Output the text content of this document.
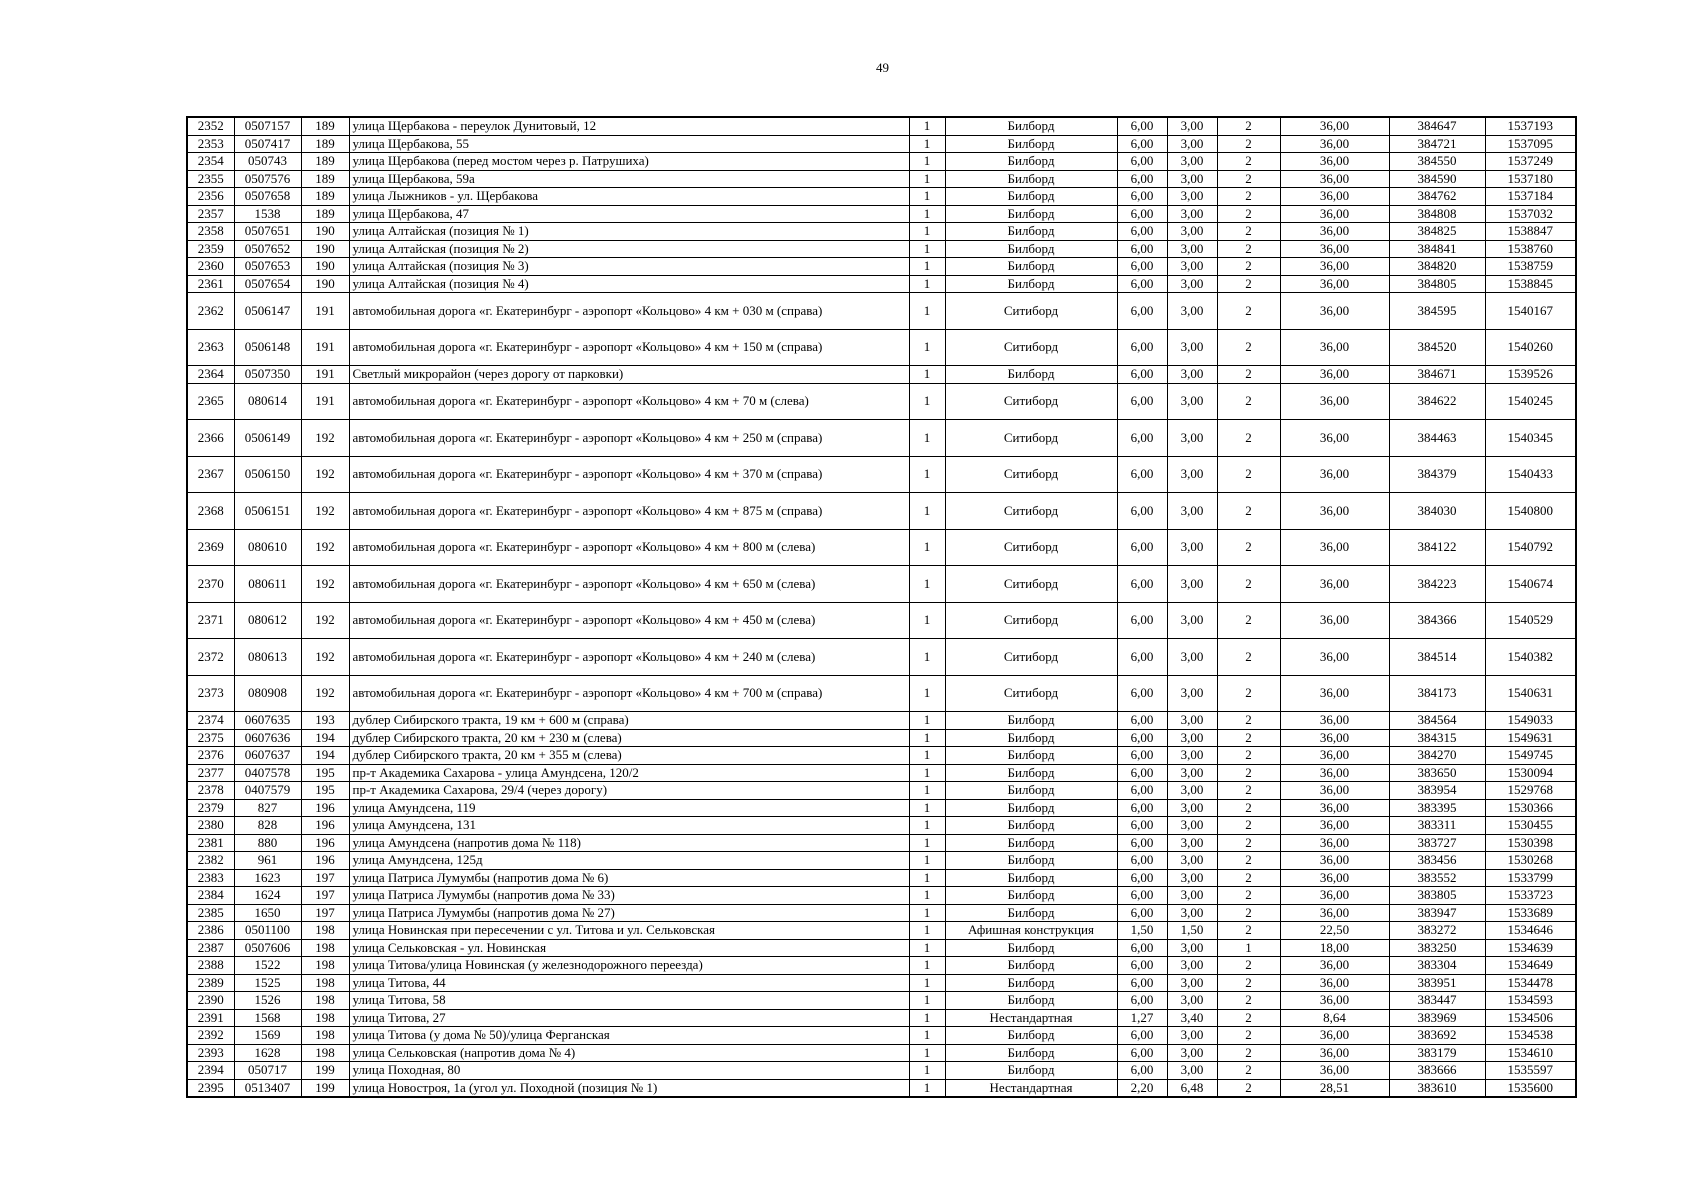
49
2352	0507157	189	улица Щербакова - переулок Дунитовый, 12	1	Билборд	6,00	3,00	2	36,00	384647	1537193
2353	0507417	189	улица Щербакова, 55	1	Билборд	6,00	3,00	2	36,00	384721	1537095
2354	050743	189	улица Щербакова (перед мостом через р. Патрушиха)	1	Билборд	6,00	3,00	2	36,00	384550	1537249
2355	0507576	189	улица Щербакова, 59а	1	Билборд	6,00	3,00	2	36,00	384590	1537180
2356	0507658	189	улица Лыжников - ул. Щербакова	1	Билборд	6,00	3,00	2	36,00	384762	1537184
2357	1538	189	улица Щербакова, 47	1	Билборд	6,00	3,00	2	36,00	384808	1537032
2358	0507651	190	улица Алтайская (позиция № 1)	1	Билборд	6,00	3,00	2	36,00	384825	1538847
2359	0507652	190	улица Алтайская (позиция № 2)	1	Билборд	6,00	3,00	2	36,00	384841	1538760
2360	0507653	190	улица Алтайская (позиция № 3)	1	Билборд	6,00	3,00	2	36,00	384820	1538759
2361	0507654	190	улица Алтайская (позиция № 4)	1	Билборд	6,00	3,00	2	36,00	384805	1538845
2362	0506147	191	автомобильная дорога «г. Екатеринбург - аэропорт «Кольцово» 4 км + 030 м (справа)	1	Ситиборд	6,00	3,00	2	36,00	384595	1540167
2363	0506148	191	автомобильная дорога «г. Екатеринбург - аэропорт «Кольцово» 4 км + 150 м (справа)	1	Ситиборд	6,00	3,00	2	36,00	384520	1540260
2364	0507350	191	Светлый микрорайон (через дорогу от парковки)	1	Билборд	6,00	3,00	2	36,00	384671	1539526
2365	080614	191	автомобильная дорога «г. Екатеринбург - аэропорт «Кольцово» 4 км + 70 м (слева)	1	Ситиборд	6,00	3,00	2	36,00	384622	1540245
2366	0506149	192	автомобильная дорога «г. Екатеринбург - аэропорт «Кольцово» 4 км + 250 м (справа)	1	Ситиборд	6,00	3,00	2	36,00	384463	1540345
2367	0506150	192	автомобильная дорога «г. Екатеринбург - аэропорт «Кольцово» 4 км + 370 м (справа)	1	Ситиборд	6,00	3,00	2	36,00	384379	1540433
2368	0506151	192	автомобильная дорога «г. Екатеринбург - аэропорт «Кольцово» 4 км + 875 м (справа)	1	Ситиборд	6,00	3,00	2	36,00	384030	1540800
2369	080610	192	автомобильная дорога «г. Екатеринбург - аэропорт «Кольцово» 4 км + 800 м (слева)	1	Ситиборд	6,00	3,00	2	36,00	384122	1540792
2370	080611	192	автомобильная дорога «г. Екатеринбург - аэропорт «Кольцово» 4 км + 650 м (слева)	1	Ситиборд	6,00	3,00	2	36,00	384223	1540674
2371	080612	192	автомобильная дорога «г. Екатеринбург - аэропорт «Кольцово» 4 км + 450 м (слева)	1	Ситиборд	6,00	3,00	2	36,00	384366	1540529
2372	080613	192	автомобильная дорога «г. Екатеринбург - аэропорт «Кольцово» 4 км + 240 м (слева)	1	Ситиборд	6,00	3,00	2	36,00	384514	1540382
2373	080908	192	автомобильная дорога «г. Екатеринбург - аэропорт «Кольцово» 4 км + 700 м (справа)	1	Ситиборд	6,00	3,00	2	36,00	384173	1540631
2374	0607635	193	дублер Сибирского тракта, 19 км + 600 м (справа)	1	Билборд	6,00	3,00	2	36,00	384564	1549033
2375	0607636	194	дублер Сибирского тракта, 20 км + 230 м (слева)	1	Билборд	6,00	3,00	2	36,00	384315	1549631
2376	0607637	194	дублер Сибирского тракта, 20 км + 355 м (слева)	1	Билборд	6,00	3,00	2	36,00	384270	1549745
2377	0407578	195	пр-т Академика Сахарова - улица Амундсена, 120/2	1	Билборд	6,00	3,00	2	36,00	383650	1530094
2378	0407579	195	пр-т Академика Сахарова, 29/4 (через дорогу)	1	Билборд	6,00	3,00	2	36,00	383954	1529768
2379	827	196	улица Амундсена, 119	1	Билборд	6,00	3,00	2	36,00	383395	1530366
2380	828	196	улица Амундсена, 131	1	Билборд	6,00	3,00	2	36,00	383311	1530455
2381	880	196	улица Амундсена (напротив дома № 118)	1	Билборд	6,00	3,00	2	36,00	383727	1530398
2382	961	196	улица Амундсена, 125д	1	Билборд	6,00	3,00	2	36,00	383456	1530268
2383	1623	197	улица Патриса Лумумбы (напротив дома № 6)	1	Билборд	6,00	3,00	2	36,00	383552	1533799
2384	1624	197	улица Патриса Лумумбы (напротив дома № 33)	1	Билборд	6,00	3,00	2	36,00	383805	1533723
2385	1650	197	улица Патриса Лумумбы (напротив дома № 27)	1	Билборд	6,00	3,00	2	36,00	383947	1533689
2386	0501100	198	улица Новинская при пересечении с ул. Титова и ул. Сельковская	1	Афишная конструкция	1,50	1,50	2	22,50	383272	1534646
2387	0507606	198	улица Сельковская - ул. Новинская	1	Билборд	6,00	3,00	1	18,00	383250	1534639
2388	1522	198	улица Титова/улица Новинская (у железнодорожного переезда)	1	Билборд	6,00	3,00	2	36,00	383304	1534649
2389	1525	198	улица Титова, 44	1	Билборд	6,00	3,00	2	36,00	383951	1534478
2390	1526	198	улица Титова, 58	1	Билборд	6,00	3,00	2	36,00	383447	1534593
2391	1568	198	улица Титова, 27	1	Нестандартная	1,27	3,40	2	8,64	383969	1534506
2392	1569	198	улица Титова (у дома № 50)/улица Ферганская	1	Билборд	6,00	3,00	2	36,00	383692	1534538
2393	1628	198	улица Сельковская (напротив дома № 4)	1	Билборд	6,00	3,00	2	36,00	383179	1534610
2394	050717	199	улица Походная, 80	1	Билборд	6,00	3,00	2	36,00	383666	1535597
2395	0513407	199	улица Новостроя, 1а (угол ул. Походной (позиция № 1)	1	Нестандартная	2,20	6,48	2	28,51	383610	1535600
